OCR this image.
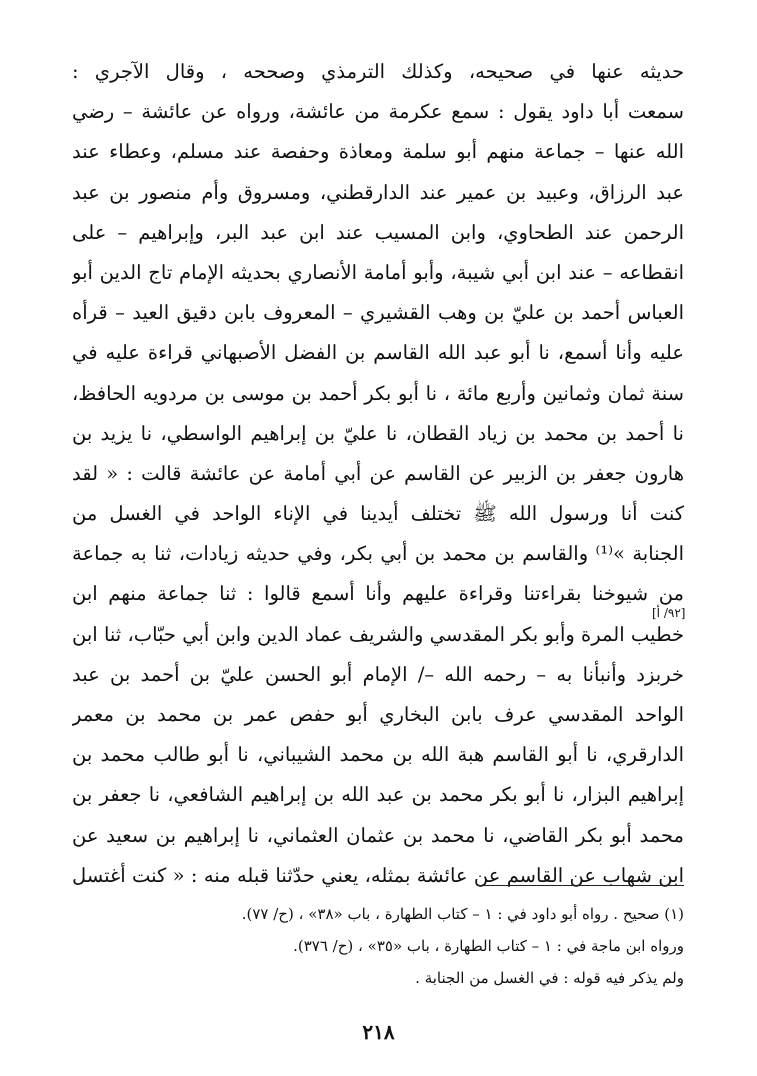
حديثه عنها في صحيحه، وكذلك الترمذي وصححه ، وقال الآجري :
سمعت أبا داود يقول : سمع عكرمة من عائشة، ورواه عن عائشة – رضي
الله عنها – جماعة منهم أبو سلمة ومعاذة وحفصة عند مسلم، وعطاء عند
عبد الرزاق، وعبيد بن عمير عند الدارقطني، ومسروق وأم منصور بن عبد
الرحمن عند الطحاوي، وابن المسيب عند ابن عبد البر، وإبراهيم – على
انقطاعه – عند ابن أبي شيبة، وأبو أمامة الأنصاري بحديثه الإمام تاج الدين أبو
العباس أحمد بن عليّ بن وهب القشيري – المعروف بابن دقيق العيد – قرأه
عليه وأنا أسمع، نا أبو عبد الله القاسم بن الفضل الأصبهاني قراءة عليه في
سنة ثمان وثمانين وأربع مائة ، نا أبو بكر أحمد بن موسى بن مردويه الحافظ،
نا أحمد بن محمد بن زياد القطان، نا عليّ بن إبراهيم الواسطي، نا يزيد بن
هارون جعفر بن الزبير عن القاسم عن أبي أمامة عن عائشة قالت : « لقد
كنت أنا ورسول الله ﷺ تختلف أيدينا في الإناء الواحد في الغسل من
الجنابة »⁽¹⁾ والقاسم بن محمد بن أبي بكر، وفي حديثه زيادات، ثنا به جماعة
من شيوخنا بقراءتنا وقراءة عليهم وأنا أسمع قالوا : ثنا جماعة منهم ابن
خطيب المرة وأبو بكر المقدسي والشريف عماد الدين وابن أبي حبّاب، ثنا ابن
خربزد وأنبأنا به – رحمه الله –/ الإمام أبو الحسن عليّ بن أحمد بن عبد
الواحد المقدسي عرف بابن البخاري أبو حفص عمر بن محمد بن معمر
الدارقري، نا أبو القاسم هبة الله بن محمد الشيباني، نا أبو طالب محمد بن
إبراهيم البزار، نا أبو بكر محمد بن عبد الله بن إبراهيم الشافعي، نا جعفر بن
محمد أبو بكر القاضي، نا محمد بن عثمان العثماني، نا إبراهيم بن سعيد عن
ابن شهاب عن القاسم عن عائشة بمثله، يعني حدّثنا قبله منه : « كنت أغتسل
[٩٢/ أ]
(١) صحيح . رواه أبو داود في : ١ – كتاب الطهارة ، باب «٣٨» ، (ح/ ٧٧).
ورواه ابن ماجة في : ١ – كتاب الطهارة ، باب «٣٥» ، (ح/ ٣٧٦).
ولم يذكر فيه قوله : في الغسل من الجنابة .
٢١٨
